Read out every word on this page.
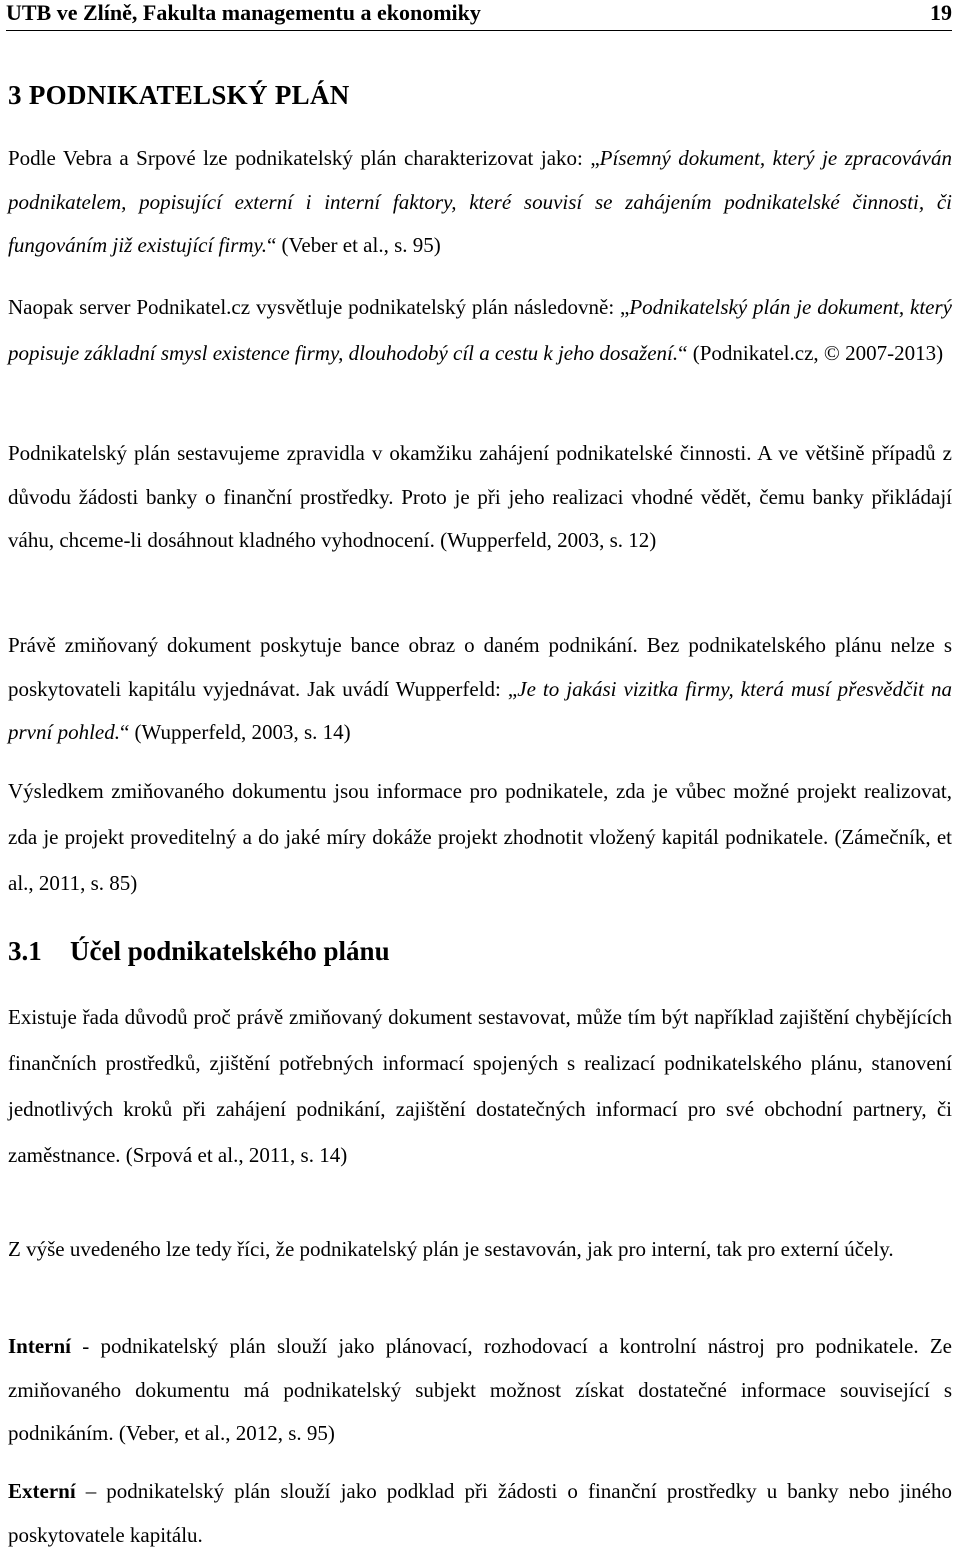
UTB ve Zlíně, Fakulta managementu a ekonomiky	19
3 PODNIKATELSKÝ PLÁN

Podle Vebra a Srpové lze podnikatelský plán charakterizovat jako: „Písemný dokument, který je zpracováván podnikatelem, popisující externí i interní faktory, které souvisí se zahájením podnikatelské činnosti, či fungováním již existující firmy.“ (Veber et al., s. 95)

Naopak server Podnikatel.cz vysvětluje podnikatelský plán následovně: „Podnikatelský plán je dokument, který popisuje základní smysl existence firmy, dlouhodobý cíl a cestu k jeho dosažení.“ (Podnikatel.cz, © 2007-2013)

Podnikatelský plán sestavujeme zpravidla v okamžiku zahájení podnikatelské činnosti. A ve většině případů z důvodu žádosti banky o finanční prostředky. Proto je při jeho realizaci vhodné vědět, čemu banky přikládají váhu, chceme-li dosáhnout kladného vyhodnocení. (Wupperfeld, 2003, s. 12)

Právě zmiňovaný dokument poskytuje bance obraz o daném podnikání. Bez podnikatelského plánu nelze s poskytovateli kapitálu vyjednávat. Jak uvádí Wupperfeld: „Je to jakási vizitka firmy, která musí přesvědčit na první pohled.“ (Wupperfeld, 2003, s. 14)

Výsledkem zmiňovaného dokumentu jsou informace pro podnikatele, zda je vůbec možné projekt realizovat, zda je projekt proveditelný a do jaké míry dokáže projekt zhodnotit vložený kapitál podnikatele. (Zámečník, et al., 2011, s. 85)

3.1 Účel podnikatelského plánu

Existuje řada důvodů proč právě zmiňovaný dokument sestavovat, může tím být například zajištění chybějících finančních prostředků, zjištění potřebných informací spojených s realizací podnikatelského plánu, stanovení jednotlivých kroků při zahájení podnikání, zajištění dostatečných informací pro své obchodní partnery, či zaměstnance. (Srpová et al., 2011, s. 14)

Z výše uvedeného lze tedy říci, že podnikatelský plán je sestavován, jak pro interní, tak pro externí účely.

Interní - podnikatelský plán slouží jako plánovací, rozhodovací a kontrolní nástroj pro podnikatele. Ze zmiňovaného dokumentu má podnikatelský subjekt možnost získat dostatečné informace související s podnikáním. (Veber, et al., 2012, s. 95)

Externí – podnikatelský plán slouží jako podklad při žádosti o finanční prostředky u banky nebo jiného poskytovatele kapitálu.
